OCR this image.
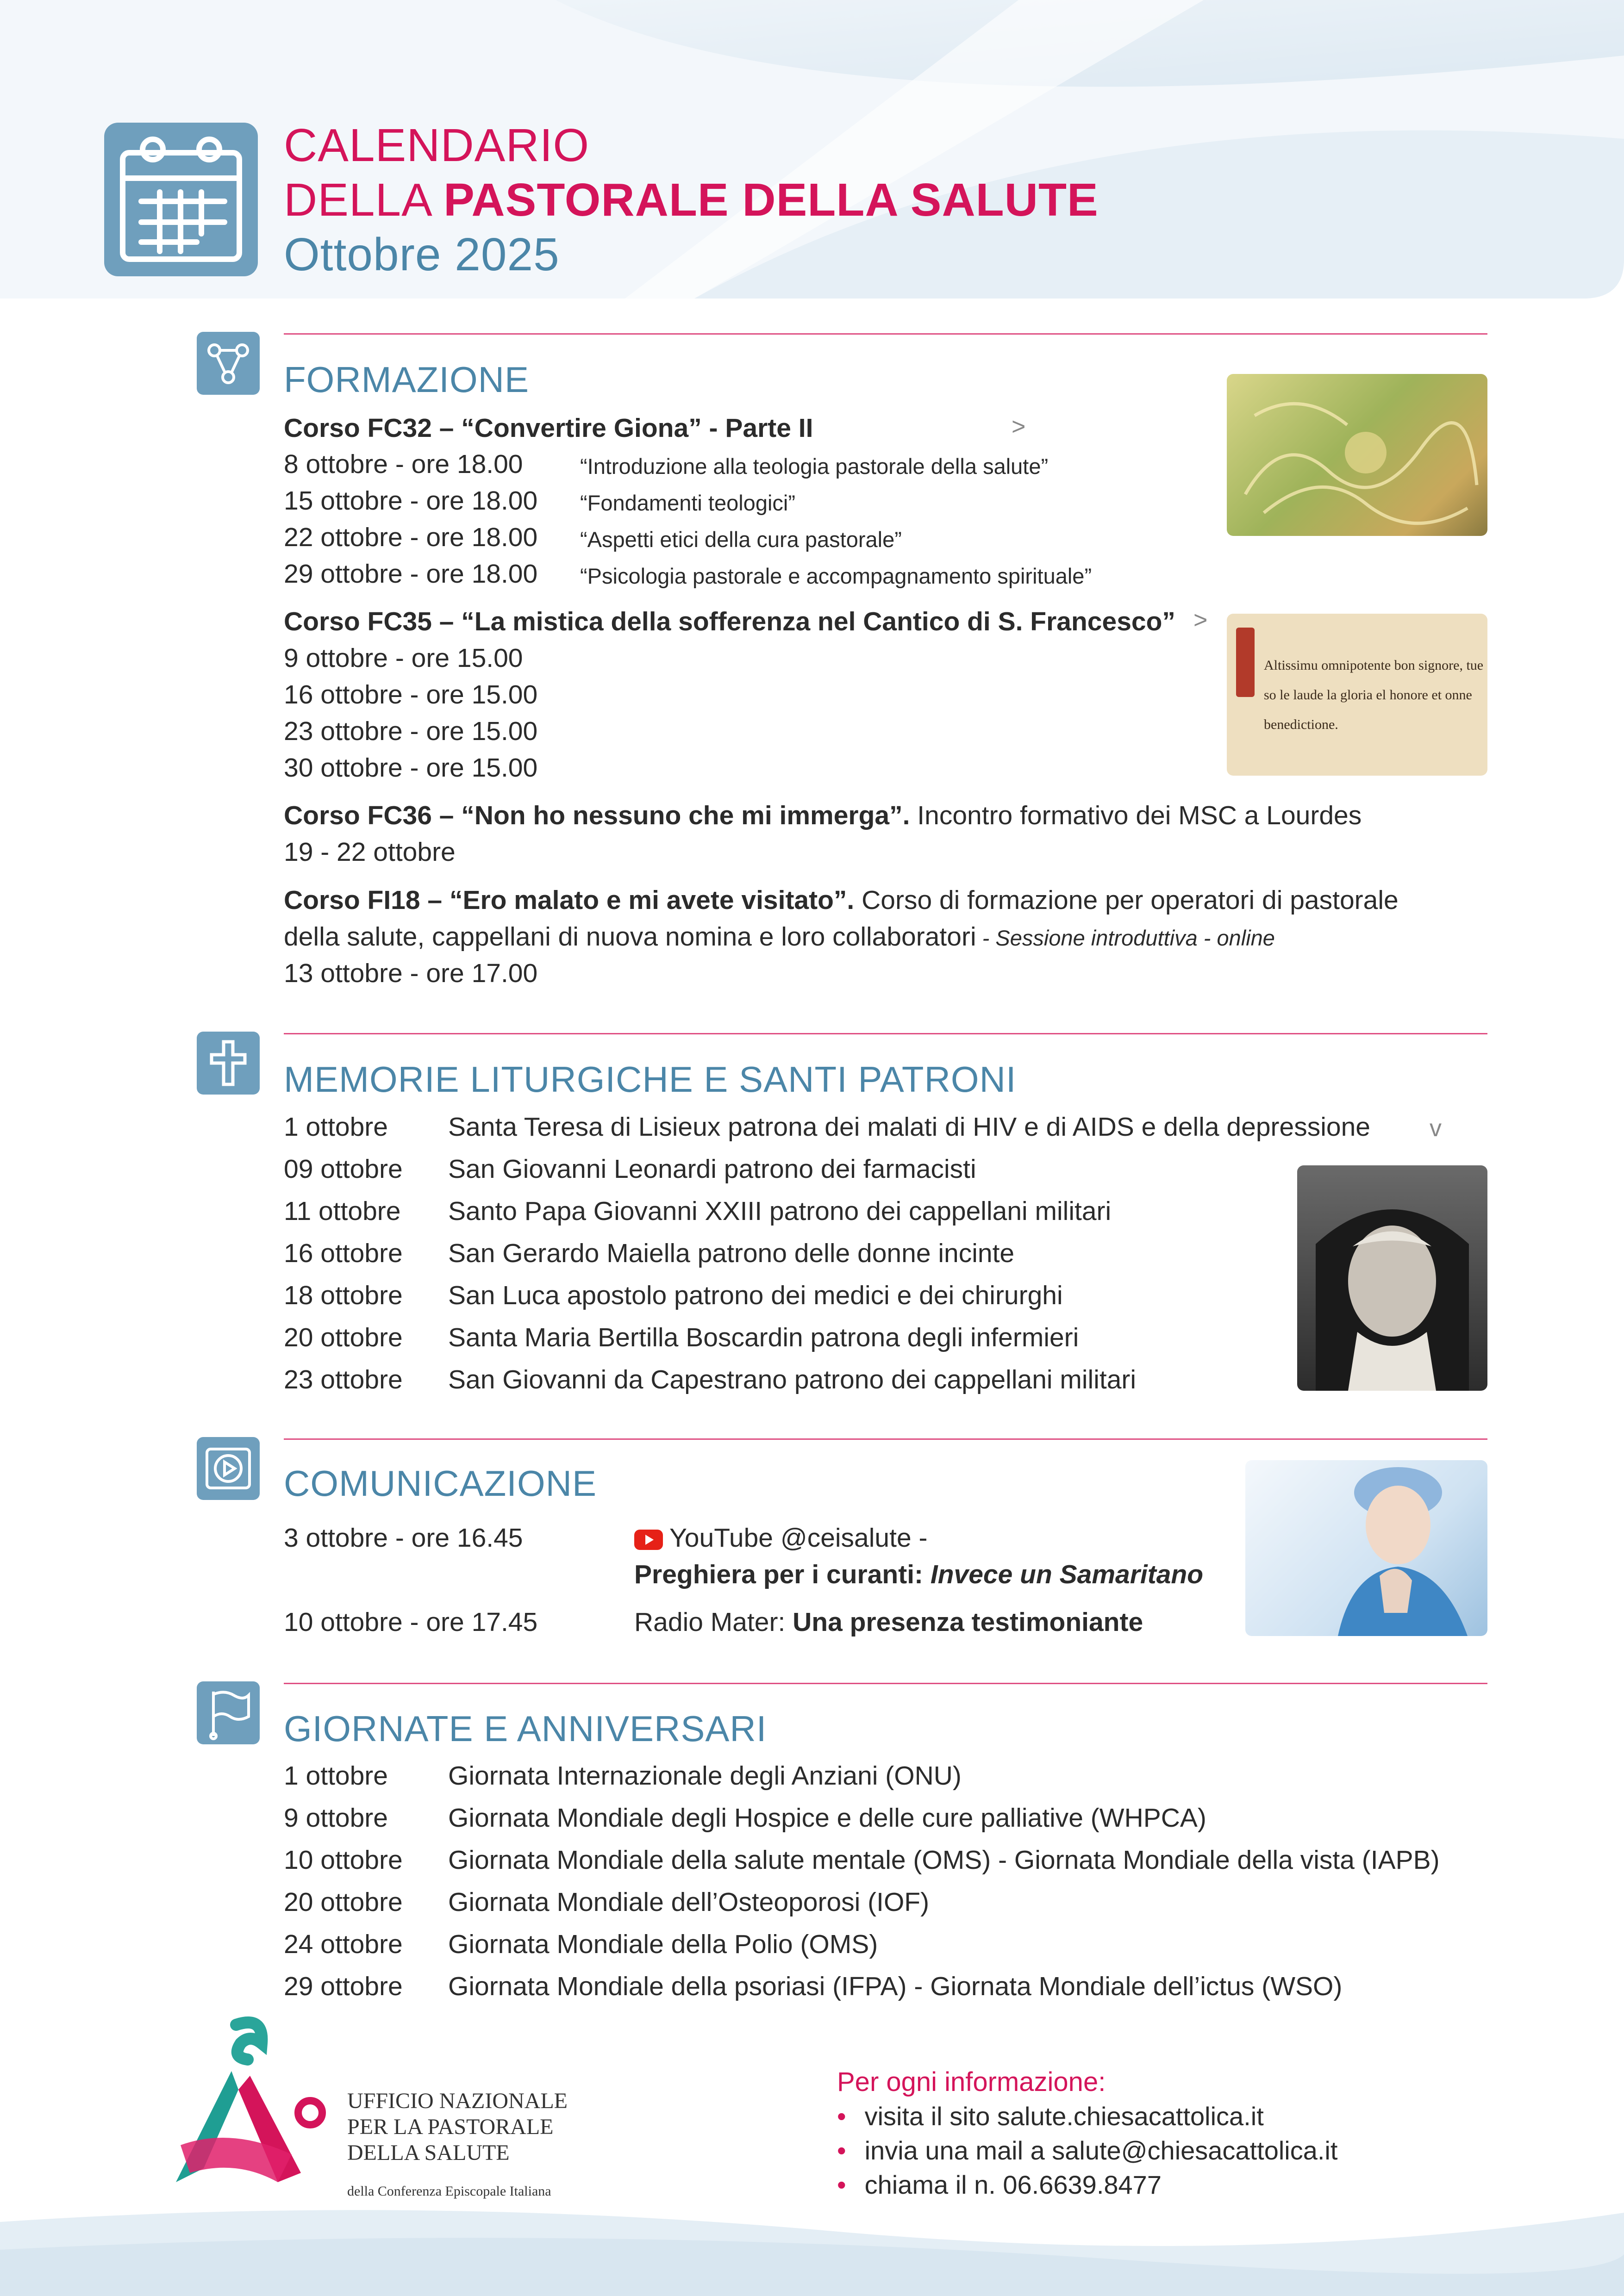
CALENDARIO
DELLA PASTORALE DELLA SALUTE
Ottobre 2025
FORMAZIONE
Corso FC32 – “Convertire Giona” - Parte II	>
8 ottobre - ore 18.00	“Introduzione alla teologia pastorale della salute”
15 ottobre - ore 18.00 “Fondamenti teologici”
22 ottobre - ore 18.00 “Aspetti etici della cura pastorale”
29 ottobre - ore 18.00 “Psicologia pastorale e accompagnamento spirituale”
Corso FC35 – “La mistica della sofferenza nel Cantico di S. Francesco” >
9 ottobre - ore 15.00
16 ottobre - ore 15.00
23 ottobre - ore 15.00
30 ottobre - ore 15.00
Altissimu omnipotente bon signore, tue
so le laude la gloria el honore et onne
benedictione.
Corso FC36 – “Non ho nessuno che mi immerga”. Incontro formativo dei MSC a Lourdes
19 - 22 ottobre
Corso FI18 – “Ero malato e mi avete visitato”. Corso di formazione per operatori di pastorale
della salute, cappellani di nuova nomina e loro collaboratori - Sessione introduttiva - online
13 ottobre - ore 17.00
MEMORIE LITURGICHE E SANTI PATRONI
v
1 ottobre Santa Teresa di Lisieux patrona dei malati di HIV e di AIDS e della depressione
09 ottobre San Giovanni Leonardi patrono dei farmacisti
11 ottobre Santo Papa Giovanni XXIII patrono dei cappellani militari
16 ottobre San Gerardo Maiella patrono delle donne incinte
18 ottobre San Luca apostolo patrono dei medici e dei chirurghi
20 ottobre Santa Maria Bertilla Boscardin patrona degli infermieri
23 ottobre San Giovanni da Capestrano patrono dei cappellani militari
COMUNICAZIONE
3 ottobre - ore 16.45	YouTube @ceisalute -
Preghiera per i curanti: Invece un Samaritano
10 ottobre - ore 17.45	Radio Mater: Una presenza testimoniante
GIORNATE E ANNIVERSARI
1 ottobre Giornata Internazionale degli Anziani (ONU)
9 ottobre Giornata Mondiale degli Hospice e delle cure palliative (WHPCA)
10 ottobre Giornata Mondiale della salute mentale (OMS) - Giornata Mondiale della vista (IAPB)
20 ottobre Giornata Mondiale dell’Osteoporosi (IOF)
24 ottobre Giornata Mondiale della Polio (OMS)
29 ottobre Giornata Mondiale della psoriasi (IFPA) - Giornata Mondiale dell’ictus (WSO)
UFFICIO NAZIONALE
PER LA PASTORALE
DELLA SALUTE
della Conferenza Episcopale Italiana
Per ogni informazione:
• visita il sito salute.chiesacattolica.it
• invia una mail a salute@chiesacattolica.it
• chiama il n. 06.6639.8477
